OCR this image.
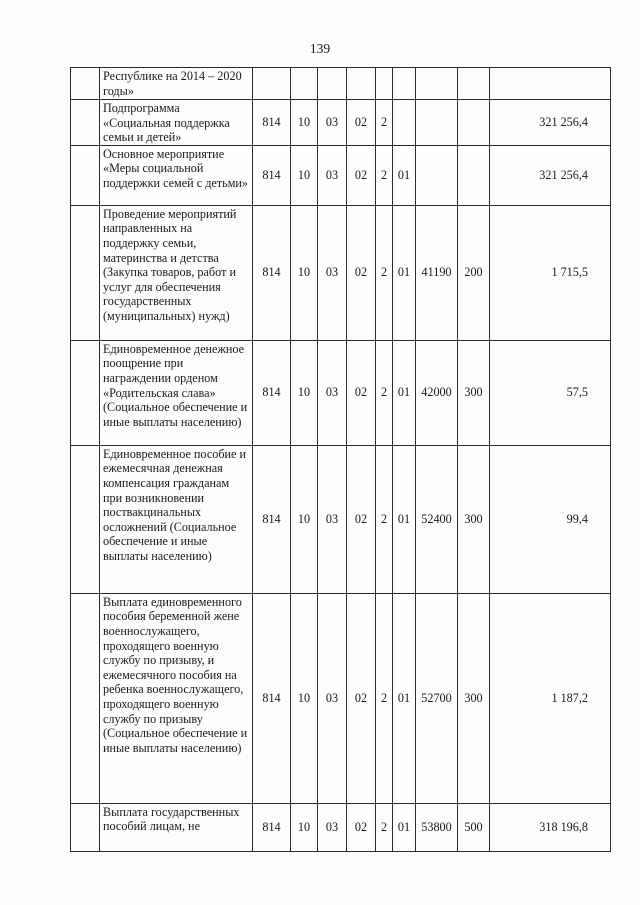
139
	Республике на 2014 – 2020 годы»									
	Подпрограмма «Социальная поддержка семьи и детей»	814	10	03	02	2				321 256,4
	Основное мероприятие «Меры социальной поддержки семей с детьми»	814	10	03	02	2	01			321 256,4
	Проведение мероприятий направленных на поддержку семьи, материнства и детства (Закупка товаров, работ и услуг для обеспечения государственных (муниципальных) нужд)	814	10	03	02	2	01	41190	200	1 715,5
	Единовременное денежное поощрение при награждении орденом «Родительская слава» (Социальное обеспечение и иные выплаты населению)	814	10	03	02	2	01	42000	300	57,5
	Единовременное пособие и ежемесячная денежная компенсация гражданам при возникновении поствакцинальных осложнений (Социальное обеспечение и иные выплаты населению)	814	10	03	02	2	01	52400	300	99,4
	Выплата единовременного пособия беременной жене военнослужащего, проходящего военную службу по призыву, и ежемесячного пособия на ребенка военнослужащего, проходящего военную службу по призыву (Социальное обеспечение и иные выплаты населению)	814	10	03	02	2	01	52700	300	1 187,2
	Выплата государственных пособий лицам, не	814	10	03	02	2	01	53800	500	318 196,8
